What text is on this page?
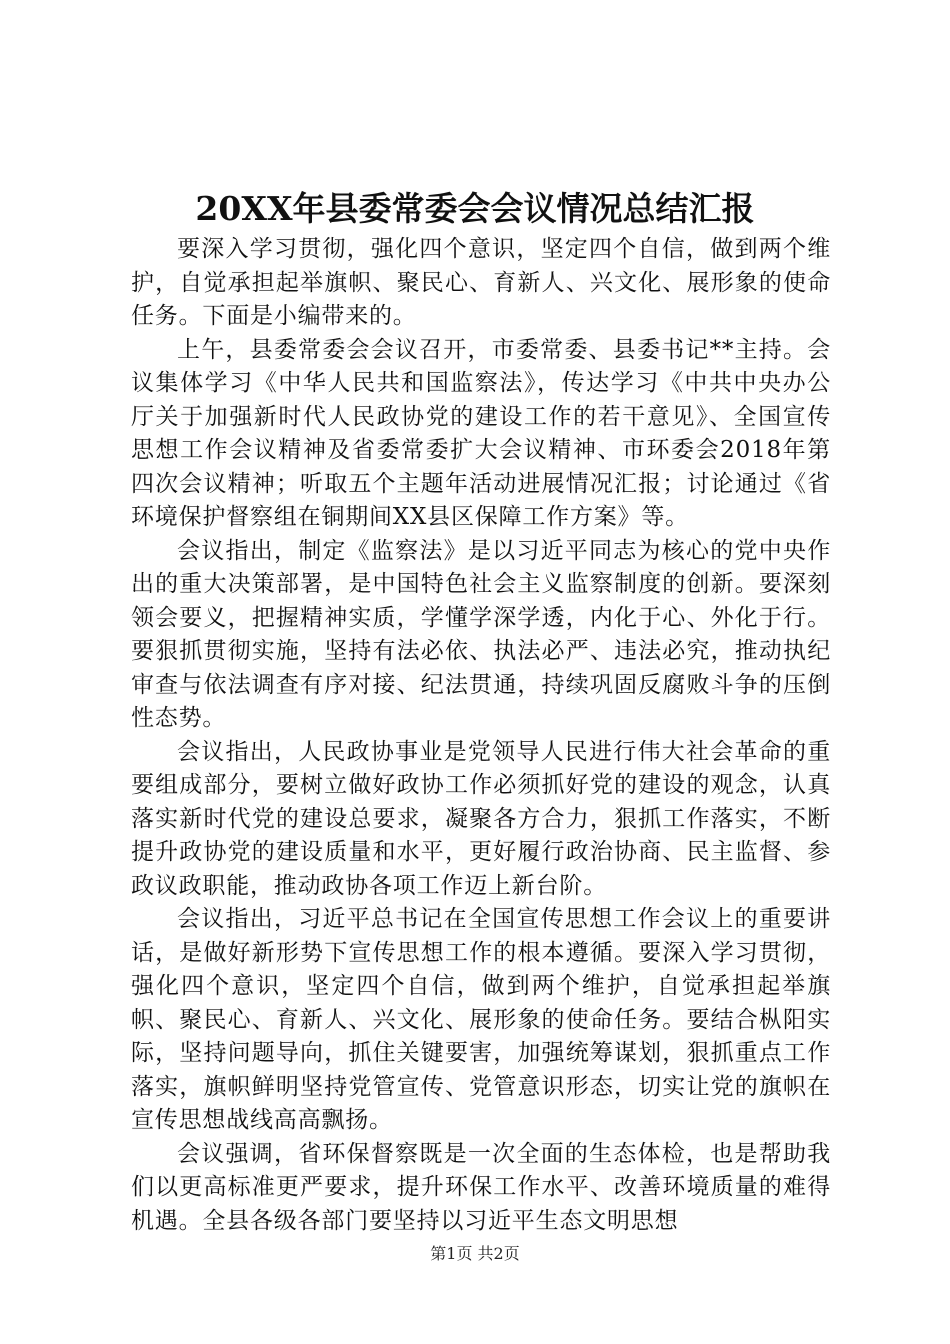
20XX年县委常委会会议情况总结汇报

要深入学习贯彻，强化四个意识，坚定四个自信，做到两个维护，自觉承担起举旗帜、聚民心、育新人、兴文化、展形象的使命任务。下面是小编带来的。

上午，县委常委会会议召开，市委常委、县委书记**主持。会议集体学习《中华人民共和国监察法》，传达学习《中共中央办公厅关于加强新时代人民政协党的建设工作的若干意见》、全国宣传思想工作会议精神及省委常委扩大会议精神、市环委会2018年第四次会议精神；听取五个主题年活动进展情况汇报；讨论通过《省环境保护督察组在铜期间XX县区保障工作方案》等。

会议指出，制定《监察法》是以习近平同志为核心的党中央作出的重大决策部署，是中国特色社会主义监察制度的创新。要深刻领会要义，把握精神实质，学懂学深学透，内化于心、外化于行。要狠抓贯彻实施，坚持有法必依、执法必严、违法必究，推动执纪审查与依法调查有序对接、纪法贯通，持续巩固反腐败斗争的压倒性态势。

会议指出，人民政协事业是党领导人民进行伟大社会革命的重要组成部分，要树立做好政协工作必须抓好党的建设的观念，认真落实新时代党的建设总要求，凝聚各方合力，狠抓工作落实，不断提升政协党的建设质量和水平，更好履行政治协商、民主监督、参政议政职能，推动政协各项工作迈上新台阶。

会议指出，习近平总书记在全国宣传思想工作会议上的重要讲话，是做好新形势下宣传思想工作的根本遵循。要深入学习贯彻，强化四个意识，坚定四个自信，做到两个维护，自觉承担起举旗帜、聚民心、育新人、兴文化、展形象的使命任务。要结合枞阳实际，坚持问题导向，抓住关键要害，加强统筹谋划，狠抓重点工作落实，旗帜鲜明坚持党管宣传、党管意识形态，切实让党的旗帜在宣传思想战线高高飘扬。

会议强调，省环保督察既是一次全面的生态体检，也是帮助我们以更高标准更严要求，提升环保工作水平、改善环境质量的难得机遇。全县各级各部门要坚持以习近平生态文明思想

第1页 共2页
